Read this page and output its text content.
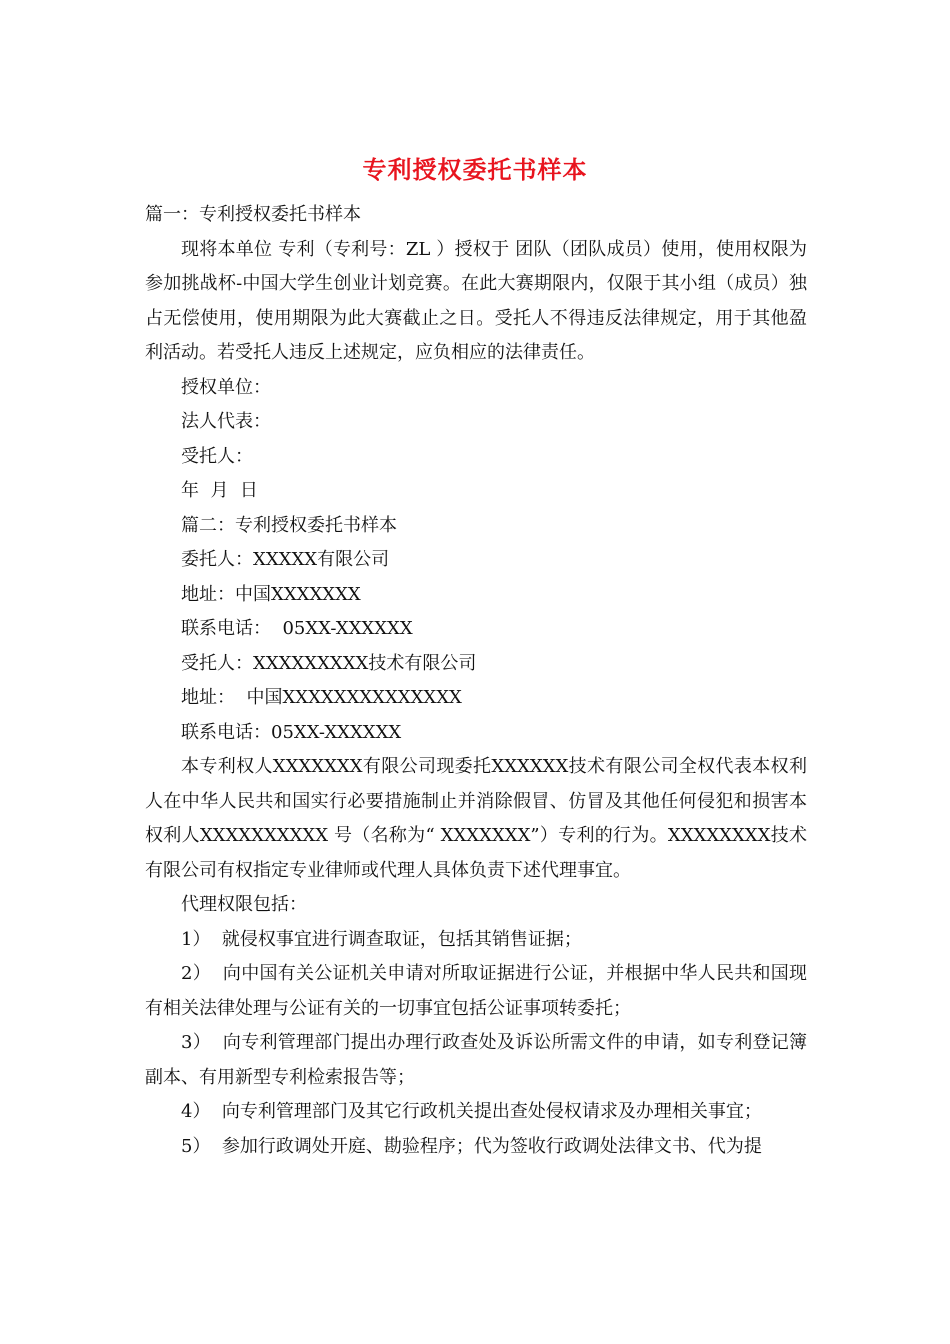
专利授权委托书样本

篇一：专利授权委托书样本

现将本单位 专利（专利号：ZL ）授权于 团队（团队成员）使用，使用权限为参加挑战杯-中国大学生创业计划竞赛。在此大赛期限内，仅限于其小组（成员）独占无偿使用，使用期限为此大赛截止之日。受托人不得违反法律规定，用于其他盈利活动。若受托人违反上述规定，应负相应的法律责任。

授权单位：

法人代表：

受托人：

年  月  日

篇二：专利授权委托书样本

委托人：XXXXX有限公司

地址：中国XXXXXXX

联系电话：  05XX-XXXXXX

受托人：XXXXXXXXX技术有限公司

地址：  中国XXXXXXXXXXXXXX

联系电话：05XX-XXXXXX

本专利权人XXXXXXX有限公司现委托XXXXXX技术有限公司全权代表本权利人在中华人民共和国实行必要措施制止并消除假冒、仿冒及其他任何侵犯和损害本权利人XXXXXXXXXX 号（名称为“ XXXXXXX”）专利的行为。XXXXXXXX技术有限公司有权指定专业律师或代理人具体负责下述代理事宜。

代理权限包括：

1）  就侵权事宜进行调查取证，包括其销售证据；

2）  向中国有关公证机关申请对所取证据进行公证，并根据中华人民共和国现有相关法律处理与公证有关的一切事宜包括公证事项转委托；

3）  向专利管理部门提出办理行政查处及诉讼所需文件的申请，如专利登记簿副本、有用新型专利检索报告等；

4）  向专利管理部门及其它行政机关提出查处侵权请求及办理相关事宜；

5）  参加行政调处开庭、勘验程序；代为签收行政调处法律文书、代为提
